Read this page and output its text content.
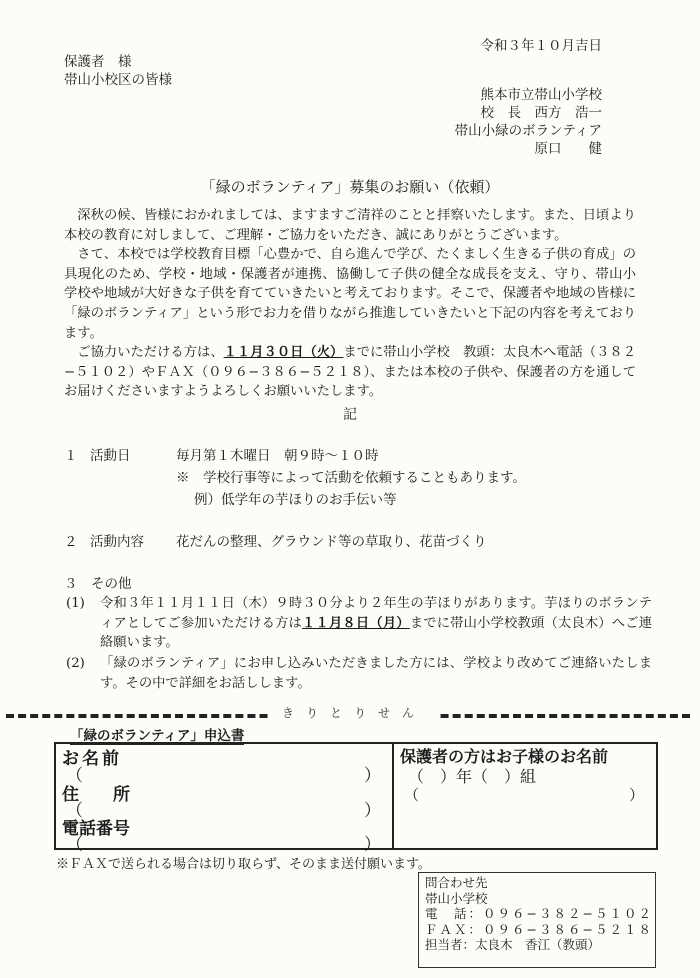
令和３年１０月吉日
保護者　様
帯山小校区の皆様
熊本市立帯山小学校
校　長　西方　浩一
帯山小緑のボランティア
原口　　健
「緑のボランティア」募集のお願い（依頼）

深秋の候、皆様におかれましては、ますますご清祥のことと拝察いたします。また、日頃より本校の教育に対しまして、ご理解・ご協力をいただき、誠にありがとうございます。

さて、本校では学校教育目標「心豊かで、自ら進んで学び、たくましく生きる子供の育成」の具現化のため、学校・地域・保護者が連携、協働して子供の健全な成長を支え、守り、帯山小学校や地域が大好きな子供を育てていきたいと考えております。そこで、保護者や地域の皆様に「緑のボランティア」という形でお力を借りながら推進していきたいと下記の内容を考えております。

ご協力いただける方は、１１月３０日（火）までに帯山小学校　教頭：太良木へ電話（３８２−５１０２）やＦＡＸ（０９６−３８６−５２１８）、または本校の子供や、保護者の方を通してお届けくださいますようよろしくお願いいたします。

記
１ 活動日	毎月第１木曜日　朝９時～１０時
※　学校行事等によって活動を依頼することもあります。
例）低学年の芋ほりのお手伝い等
２ 活動内容 花だんの整理、グラウンド等の草取り、花苗づくり
３　その他
(1) 令和３年１１月１１日（木）９時３０分より２年生の芋ほりがあります。芋ほりのボランティアとしてご参加いただける方は１１月８日（月）までに帯山小学校教頭（太良木）へご連絡願います。
(2) 「緑のボランティア」にお申し込みいただきました方には、学校より改めてご連絡いたします。その中で詳細をお話しします。
きりとりせん
「緑のボランティア」申込書
お名前
（	）
住　　所
（	）
電話番号
（	）
保護者の方はお子様のお名前
（　）年（　）組
（　　　　　　　　　　　　　　）
※ＦＡＸで送られる場合は切り取らず、そのまま送付願います。
問合わせ先
帯山小学校
電　話：０９６−３８２−５１０２
ＦＡＸ：０９６−３８６−５２１８
担当者：太良木　香江（教頭）
